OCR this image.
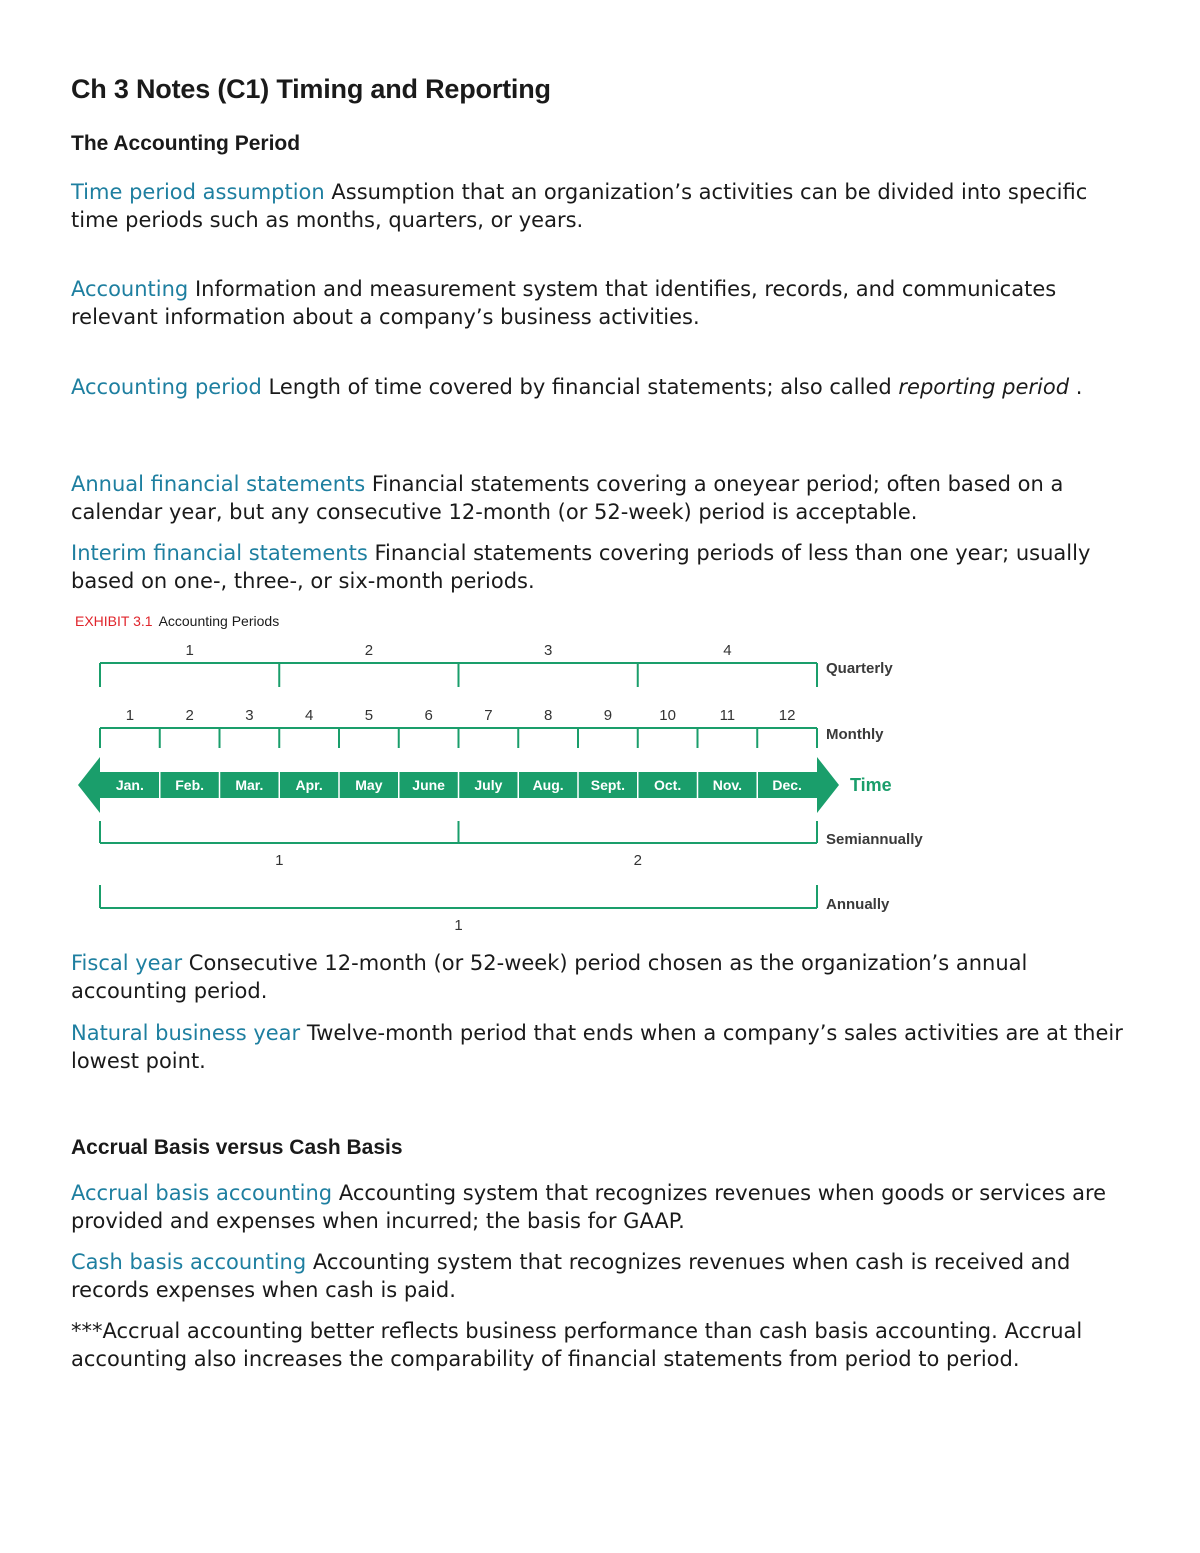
Ch 3 Notes (C1) Timing and Reporting
The Accounting Period

Time period assumption Assumption that an organization’s activities can be divided into specific time periods such as months, quarters, or years.

Accounting Information and measurement system that identifies, records, and communicates relevant information about a company’s business activities.

Accounting period Length of time covered by financial statements; also called reporting period .

Annual financial statements Financial statements covering a oneyear period; often based on a calendar year, but any consecutive 12-month (or 52-week) period is acceptable.

Interim financial statements Financial statements covering periods of less than one year; usually based on one-, three-, or six-month periods.

EXHIBIT 3.1 Accounting Periods
Jan. Feb. Mar. Apr. May June July Aug. Sept. Oct. Nov. Dec.
1	2	3	4
Quarterly
1	2	3	4	5	6	7	8	9	10	11	12
Monthly
Time
Semiannually
1	2
Annually
1

Fiscal year Consecutive 12-month (or 52-week) period chosen as the organization’s annual accounting period.

Natural business year Twelve-month period that ends when a company’s sales activities are at their lowest point.

Accrual Basis versus Cash Basis

Accrual basis accounting Accounting system that recognizes revenues when goods or services are provided and expenses when incurred; the basis for GAAP.

Cash basis accounting Accounting system that recognizes revenues when cash is received and records expenses when cash is paid.

***Accrual accounting better reflects business performance than cash basis accounting. Accrual accounting also increases the comparability of financial statements from period to period.
